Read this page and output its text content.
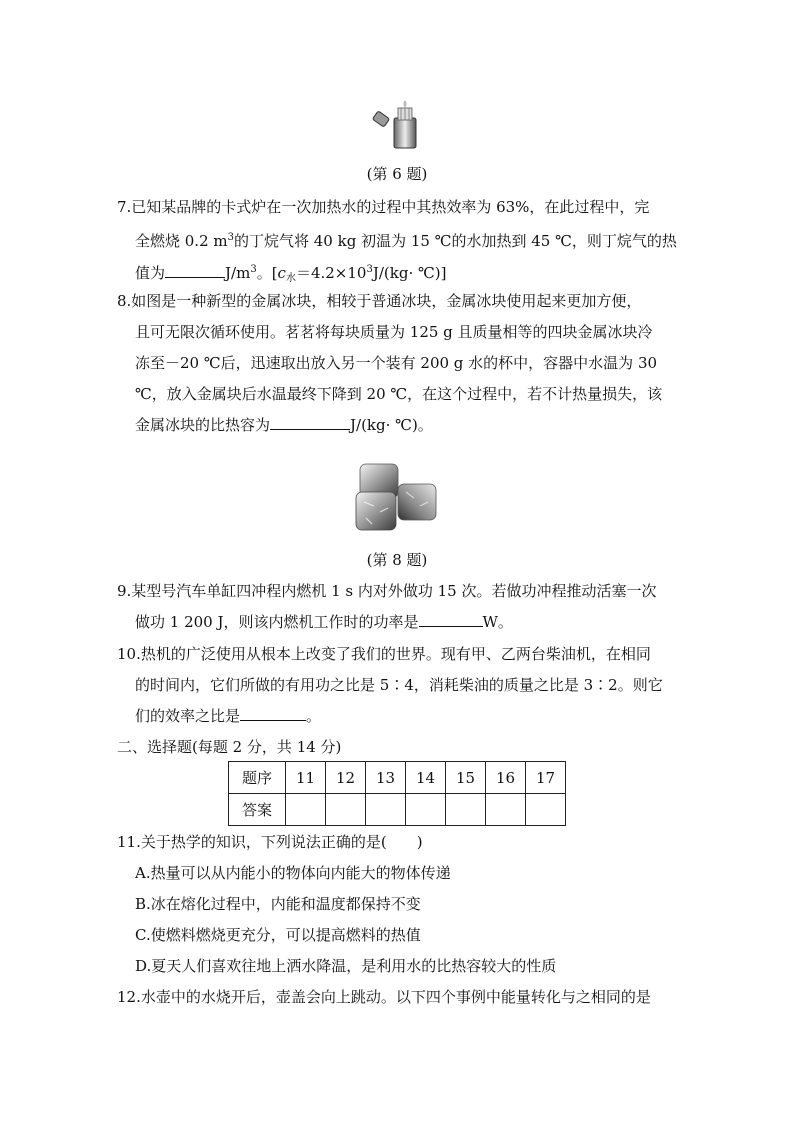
(第 6 题)
7.已知某品牌的卡式炉在一次加热水的过程中其热效率为 63%，在此过程中，完
全燃烧 0.2 $m^3$的丁烷气将 40 kg 初温为 15 ℃的水加热到 45 ℃，则丁烷气的热
值为	$J/m^3$。[$c_水=4.2\times 10^3J/(kg\cdot$ ℃)]
8.如图是一种新型的金属冰块，相较于普通冰块，金属冰块使用起来更加方便，
且可无限次循环使用。茗茗将每块质量为 125 g 且质量相等的四块金属冰块冷
冻至－20 ℃后，迅速取出放入另一个装有 200 g 水的杯中，容器中水温为 30
℃，放入金属块后水温最终下降到 20 ℃，在这个过程中，若不计热量损失，该
金属冰块的比热容为	J/(kg· ℃)。
(第 8 题)
9.某型号汽车单缸四冲程内燃机 1 s 内对外做功 15 次。若做功冲程推动活塞一次
做功 1 200 J，则该内燃机工作时的功率是	W。
10.热机的广泛使用从根本上改变了我们的世界。现有甲、乙两台柴油机，在相同
的时间内，它们所做的有用功之比是 5∶4，消耗柴油的质量之比是 3∶2。则它
们的效率之比是	。
二、选择题(每题 2 分，共 14 分)
题序	11	12	13	14	15	16	17
答案							
11.关于热学的知识，下列说法正确的是(　　)
A.热量可以从内能小的物体向内能大的物体传递
B.冰在熔化过程中，内能和温度都保持不变
C.使燃料燃烧更充分，可以提高燃料的热值
D.夏天人们喜欢往地上洒水降温，是利用水的比热容较大的性质
12.水壶中的水烧开后，壶盖会向上跳动。以下四个事例中能量转化与之相同的是
